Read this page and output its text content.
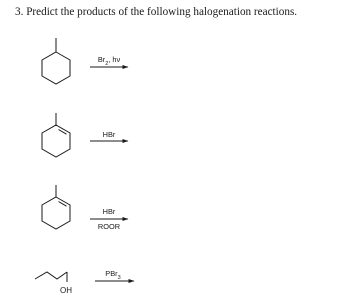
3. Predict the products of the following halogenation reactions.
$Br_2$, hν
HBr
HBr
ROOR
OH
PBr$_3$
